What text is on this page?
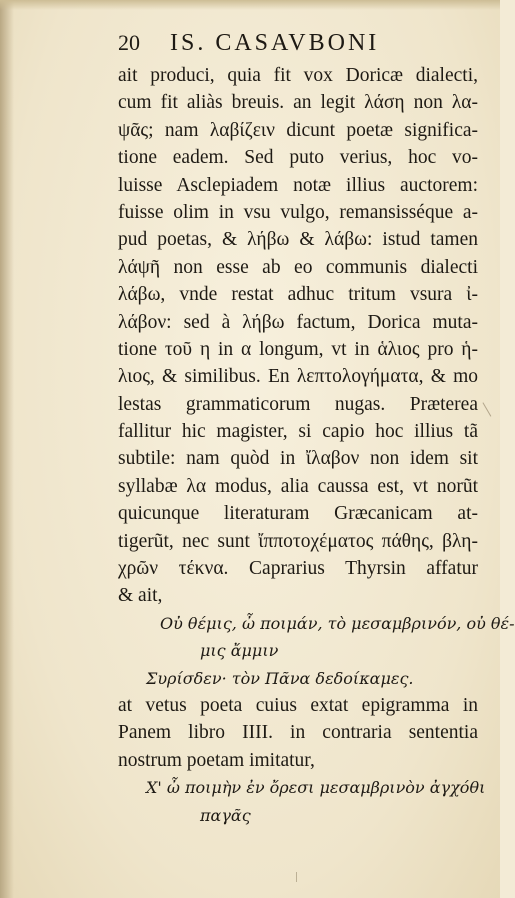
20 IS. CASAVBONI
ait produci, quia fit vox Doricæ dialecti,
cum fit aliàs breuis. an legit λάση non λα-
ψᾶς; nam λαβίζειν dicunt poetæ significa-
tione eadem. Sed puto verius, hoc vo-
luisse Asclepiadem notæ illius auctorem:
fuisse olim in vsu vulgo, remansisséque a-
pud poetas, & λήβω & λάβω: istud tamen
λάψῆ non esse ab eo communis dialecti
λάβω, vnde restat adhuc tritum vsura ἰ-
λάβον: sed à λήβω factum, Dorica muta-
tione τοῦ η in α longum, vt in ἁλιος pro ἡ-
λιος, & similibus. En λεπτολογήματα, & mo
lestas grammaticorum nugas. Præterea
fallitur hic magister, si capio hoc illius tã
subtile: nam quòd in ἴλαβον non idem sit
syllabæ λα modus, alia caussa est, vt norũt
quicunque literaturam Græcanicam at-
tigerũt, nec sunt ἴπποτοχέματος πάθης, βλη-
χρῶν τέκνα. Caprarius Thyrsin affatur
& ait,
Οὐ θέμις, ὦ ποιμάν, τὸ μεσαμβρινόν, οὐ θέ-
μις ἄμμιν
Συρίσδεν· τὸν Πᾶνα δεδοίκαμες.
at vetus poeta cuius extat epigramma in
Panem libro IIII. in contraria sententia
nostrum poetam imitatur,
Χ' ὦ ποιμὴν ἐν ὄρεσι μεσαμβρινὸν ἀγχόθι
παγᾶς
